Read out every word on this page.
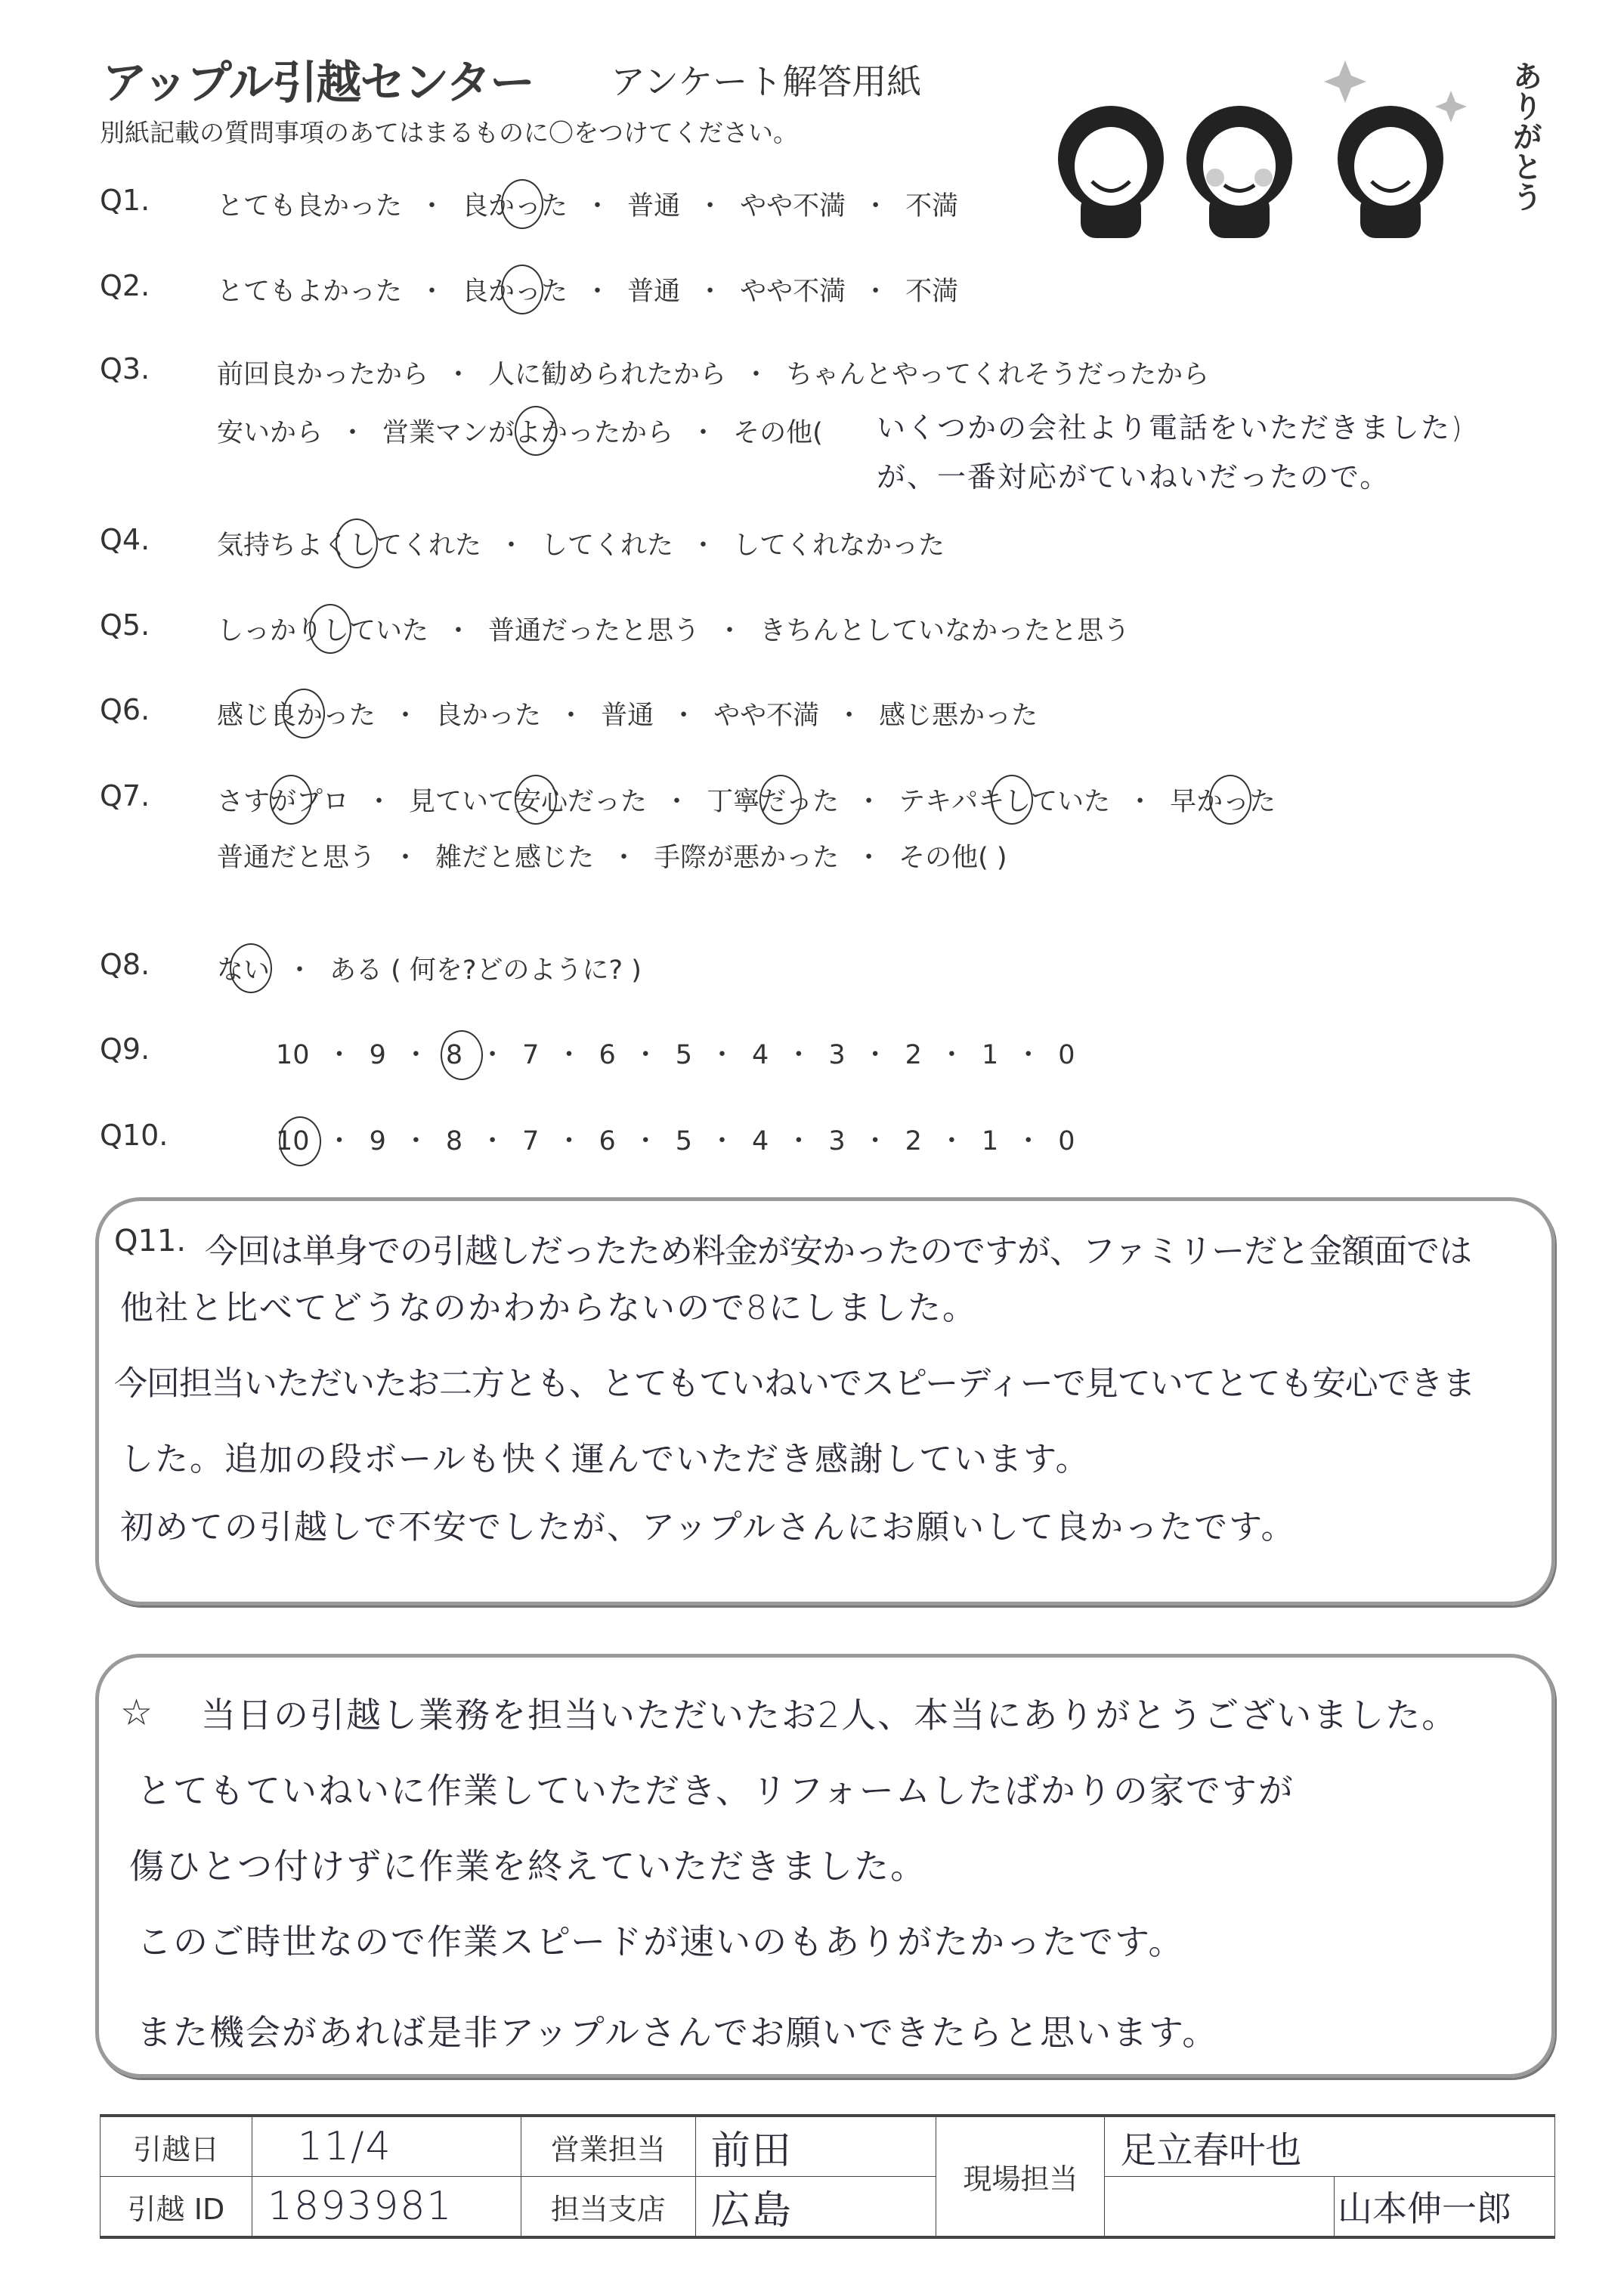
アップル引越センター アンケート解答用紙
別紙記載の質問事項のあてはまるものに〇をつけてください。	ありがとう
Q1.	とても良かった ・ 良かった ・ 普通 ・ やや不満 ・ 不満
Q2.	とてもよかった ・ 良かった ・ 普通 ・ やや不満 ・ 不満
Q3.	前回良かったから ・ 人に勧められたから ・ ちゃんとやってくれそうだったから
安いから ・ 営業マンがよかったから ・ その他(
Q4.	気持ちよくしてくれた ・ してくれた ・ してくれなかった
Q5.	しっかりしていた ・ 普通だったと思う ・ きちんとしていなかったと思う
Q6.	感じ良かった ・ 良かった ・ 普通 ・ やや不満 ・ 感じ悪かった
Q7.	さすがプロ ・ 見ていて安心だった ・ 丁寧だった ・ テキパキしていた ・ 早かった
普通だと思う ・ 雑だと感じた ・ 手際が悪かった ・ その他( )
Q8.	ない ・ ある ( 何を?どのように? )
Q9.	10 ・ 9 ・ 8 ・ 7 ・ 6 ・ 5 ・ 4 ・ 3 ・ 2 ・ 1 ・ 0
Q10.	10 ・ 9 ・ 8 ・ 7 ・ 6 ・ 5 ・ 4 ・ 3 ・ 2 ・ 1 ・ 0
いくつかの会社より電話をいただきました)
が、一番対応がていねいだったので。
Q11. 今回は単身での引越しだったため料金が安かったのですが、ファミリーだと金額面では
他社と比べてどうなのかわからないので8にしました。
今回担当いただいたお二方とも、とてもていねいでスピーディーで見ていてとても安心できま
した。追加の段ボールも快く運んでいただき感謝しています。
初めての引越しで不安でしたが、アップルさんにお願いして良かったです。
☆ 当日の引越し業務を担当いただいたお2人、本当にありがとうございました。
とてもていねいに作業していただき、リフォームしたばかりの家ですが
傷ひとつ付けずに作業を終えていただきました。
このご時世なので作業スピードが速いのもありがたかったです。
また機会があれば是非アップルさんでお願いできたらと思います。
引越日	11/4	営業担当	前田	現場担当	足立春叶也	
引越 ID	1893981	担当支店	広島			山本伸一郎
